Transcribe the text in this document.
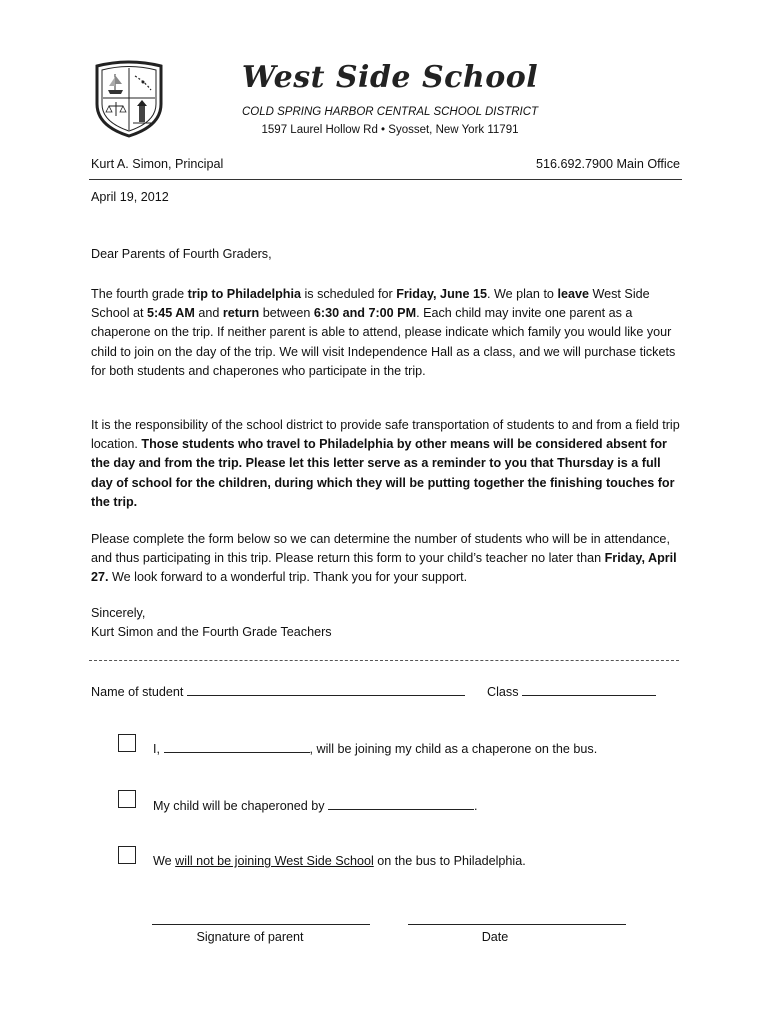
West Side School
COLD SPRING HARBOR CENTRAL SCHOOL DISTRICT
1597 Laurel Hollow Rd • Syosset, New York 11791
Kurt A. Simon, Principal	516.692.7900 Main Office
April 19, 2012
Dear Parents of Fourth Graders,
The fourth grade trip to Philadelphia is scheduled for Friday, June 15. We plan to leave West Side School at 5:45 AM and return between 6:30 and 7:00 PM. Each child may invite one parent as a chaperone on the trip. If neither parent is able to attend, please indicate which family you would like your child to join on the day of the trip. We will visit Independence Hall as a class, and we will purchase tickets for both students and chaperones who participate in the trip.
It is the responsibility of the school district to provide safe transportation of students to and from a field trip location. Those students who travel to Philadelphia by other means will be considered absent for the day and from the trip. Please let this letter serve as a reminder to you that Thursday is a full day of school for the children, during which they will be putting together the finishing touches for the trip.
Please complete the form below so we can determine the number of students who will be in attendance, and thus participating in this trip. Please return this form to your child’s teacher no later than Friday, April 27. We look forward to a wonderful trip. Thank you for your support.
Sincerely,
Kurt Simon and the Fourth Grade Teachers
Name of student	Class
I,	, will be joining my child as a chaperone on the bus.
My child will be chaperoned by	.
We will not be joining West Side School on the bus to Philadelphia.
Signature of parent	Date
